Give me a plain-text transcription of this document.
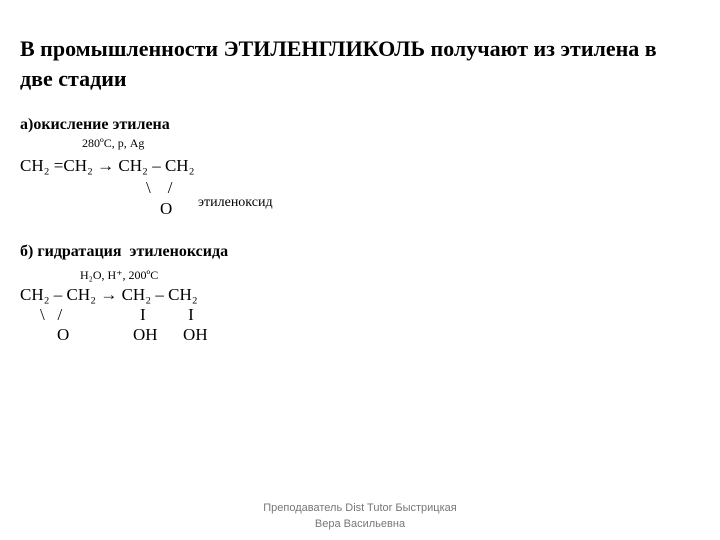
В промышленности ЭТИЛЕНГЛИКОЛЬ получают из этилена в две стадии
а)окисление этилена
280ºС, р, Ag
СН₂ =СН₂ → СН₂ – СН₂
\    /
О этиленоксид
б) гидратация  этиленоксида
Н₂О, Н⁺, 200ºС
СН₂ – СН₂ → СН₂ – СН₂
\   /	I          I
О	ОН      ОН
Преподаватель Dist Tutor Быстрицкая
Вера Васильевна
